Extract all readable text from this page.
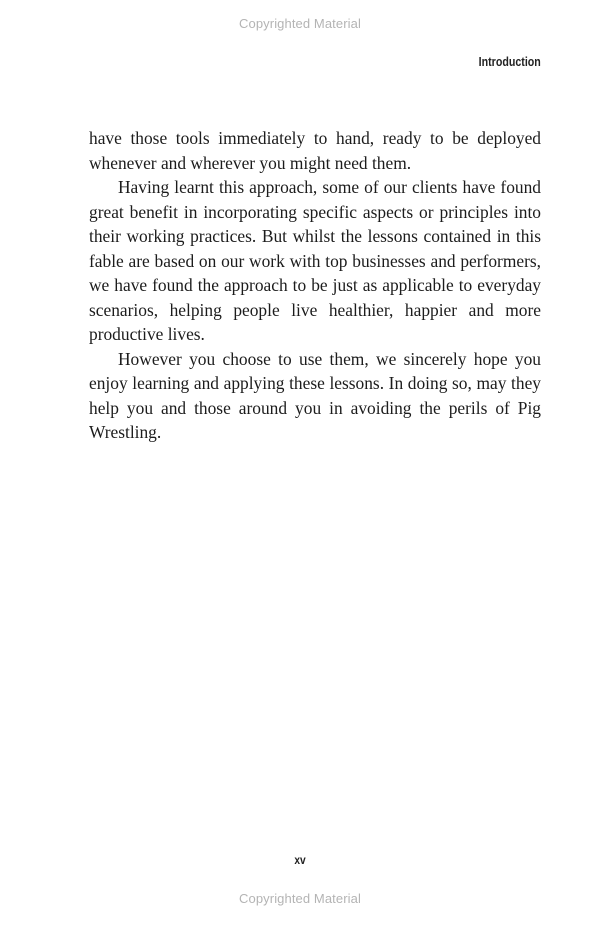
Copyrighted Material
Introduction

have those tools immediately to hand, ready to be deployed whenever and wherever you might need them.

Having learnt this approach, some of our clients have found great benefit in incorporating specific aspects or principles into their working practices. But whilst the lessons contained in this fable are based on our work with top businesses and performers, we have found the approach to be just as applicable to everyday scenarios, helping people live healthier, happier and more productive lives.

However you choose to use them, we sincerely hope you enjoy learning and applying these lessons. In doing so, may they help you and those around you in avoiding the perils of Pig Wrestling.

xv
Copyrighted Material
